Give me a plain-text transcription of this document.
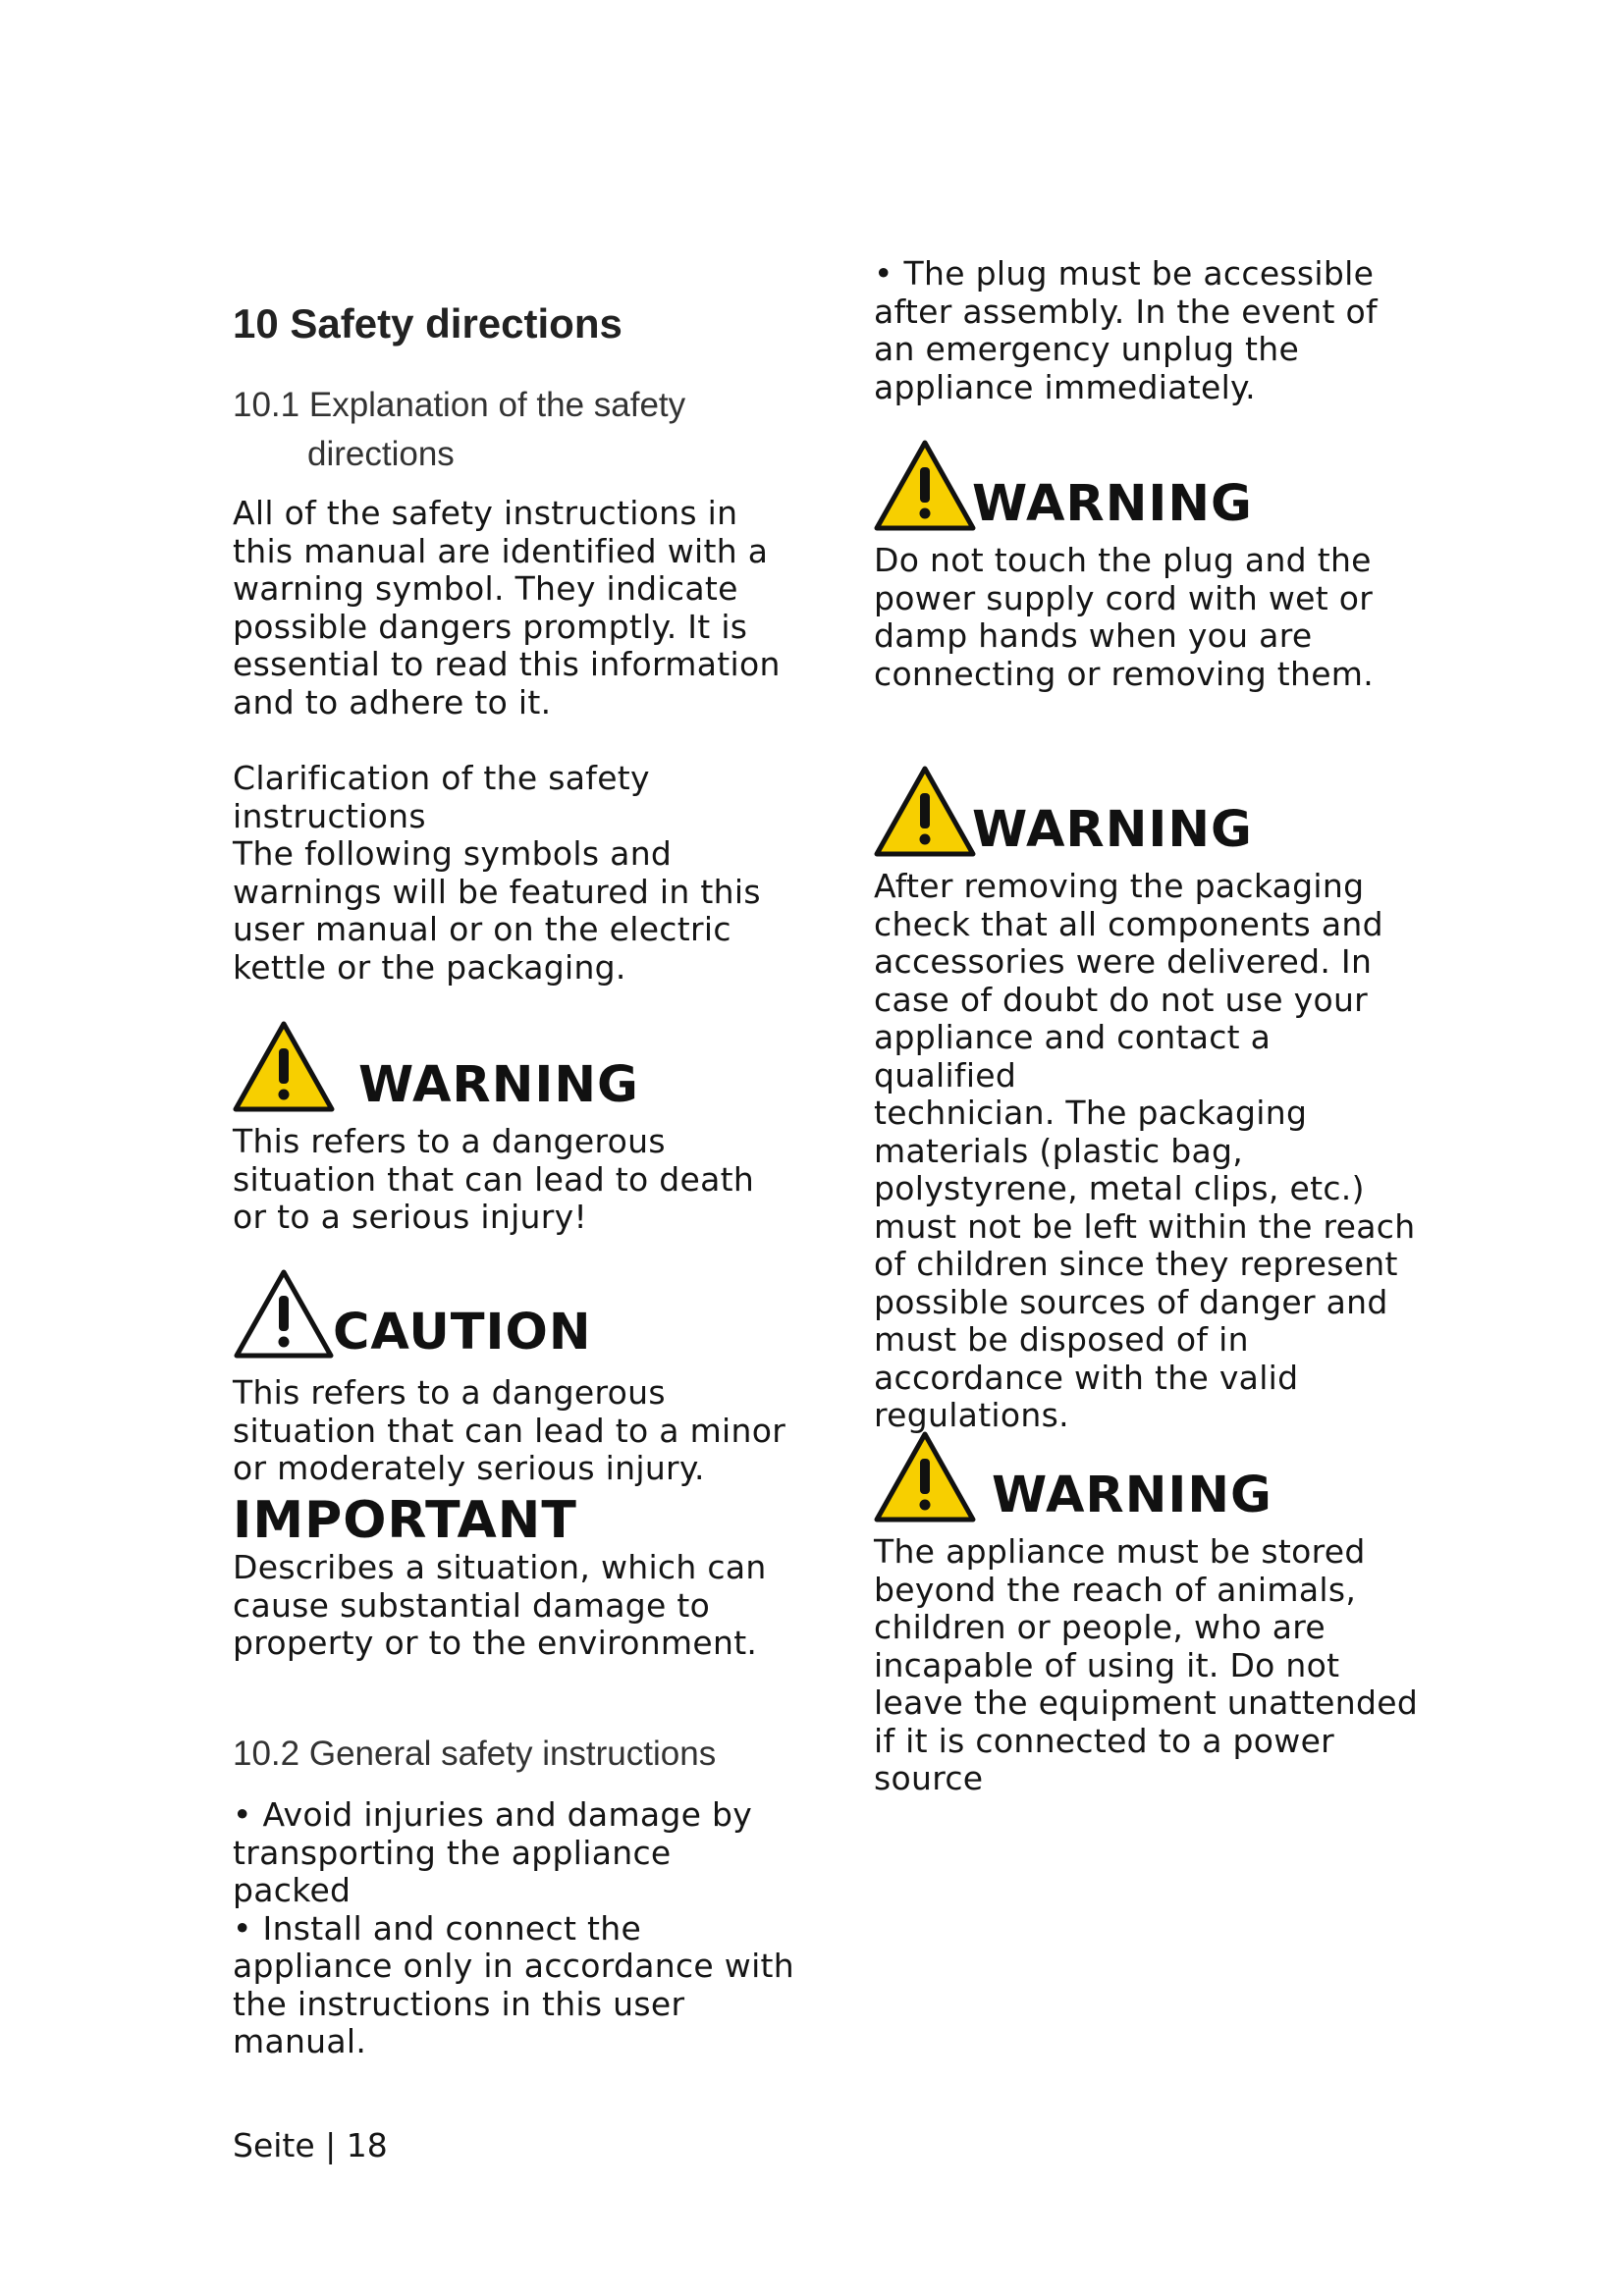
10 Safety directions
10.1 Explanation of the safety
directions

All of the safety instructions in
this manual are identified with a
warning symbol. They indicate
possible dangers promptly. It is
essential to read this information
and to adhere to it.

Clarification of the safety
instructions
The following symbols and
warnings will be featured in this
user manual or on the electric
kettle or the packaging.

WARNING

This refers to a dangerous
situation that can lead to death
or to a serious injury!

CAUTION

This refers to a dangerous
situation that can lead to a minor
or moderately serious injury.

IMPORTANT

Describes a situation, which can
cause substantial damage to
property or to the environment.

10.2 General safety instructions

• Avoid injuries and damage by
transporting the appliance
packed
• Install and connect the
appliance only in accordance with
the instructions in this user
manual.

Seite | 18

• The plug must be accessible
after assembly. In the event of
an emergency unplug the
appliance immediately.

WARNING

Do not touch the plug and the
power supply cord with wet or
damp hands when you are
connecting or removing them.

WARNING

After removing the packaging
check that all components and
accessories were delivered. In
case of doubt do not use your
appliance and contact a qualified
technician. The packaging
materials (plastic bag,
polystyrene, metal clips, etc.)
must not be left within the reach
of children since they represent
possible sources of danger and
must be disposed of in
accordance with the valid
regulations.

WARNING

The appliance must be stored
beyond the reach of animals,
children or people, who are
incapable of using it. Do not
leave the equipment unattended
if it is connected to a power
source
